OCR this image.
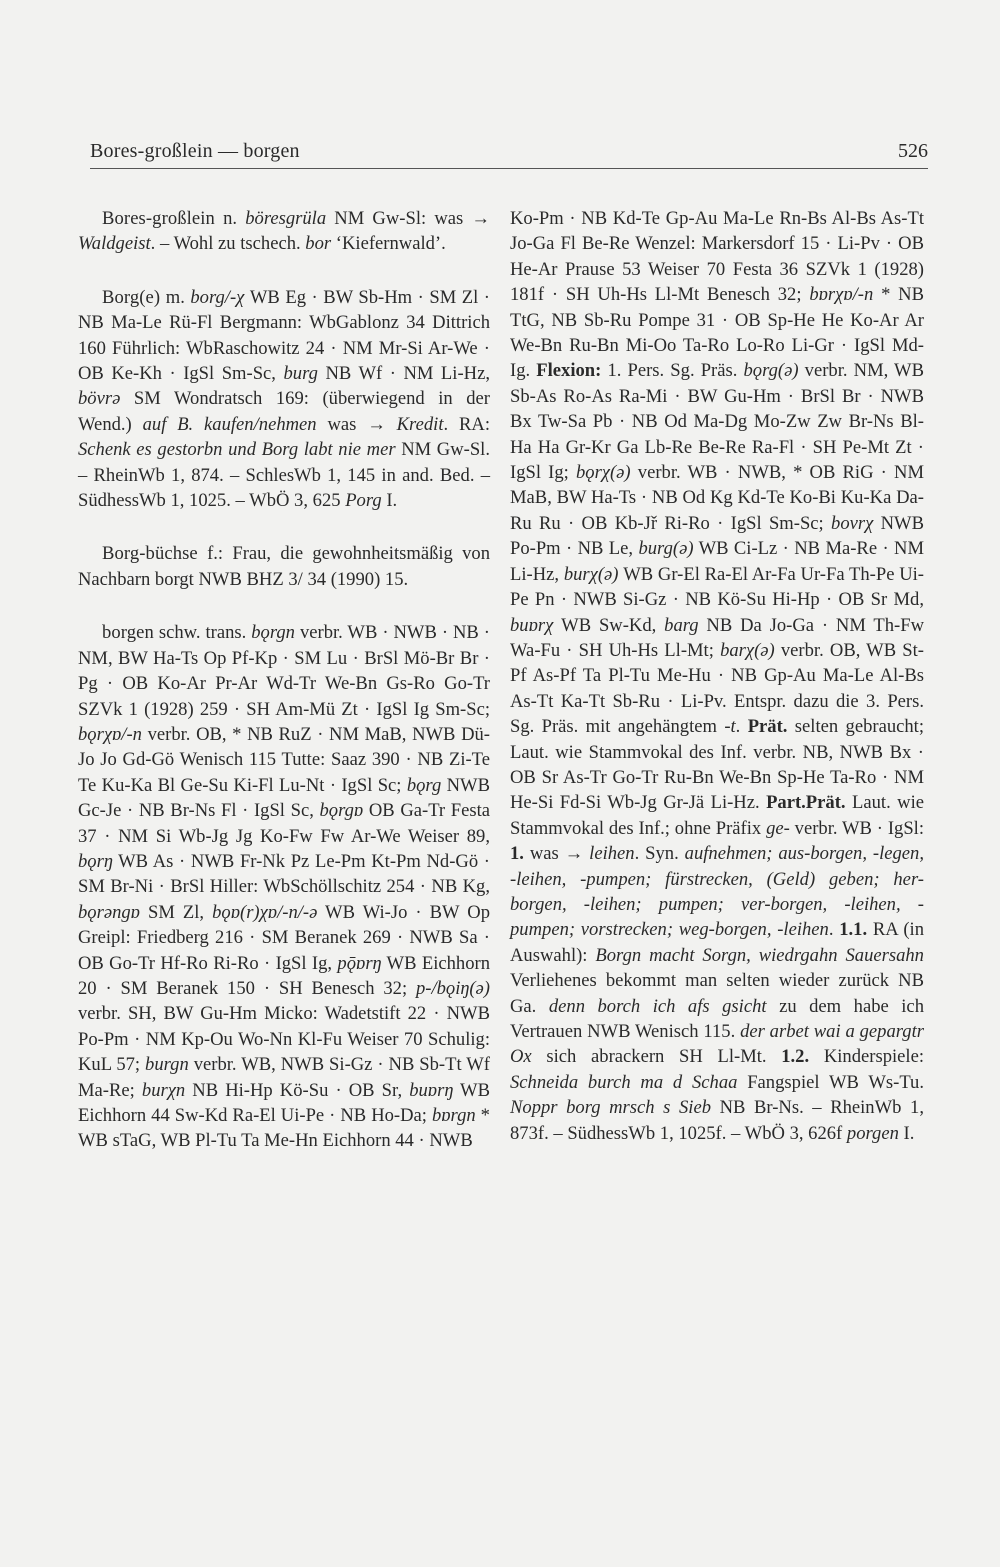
Bores-großlein — borgen	526

Bores-großlein n. böresgrüla NM Gw-Sl: was → Waldgeist. – Wohl zu tschech. bor ‘Kiefernwald’.

Borg(e) m. borg/-χ WB Eg · BW Sb-Hm · SM Zl · NB Ma-Le Rü-Fl Bergmann: WbGablonz 34 Dittrich 160 Führlich: WbRaschowitz 24 · NM Mr-Si Ar-We · OB Ke-Kh · IgSl Sm-Sc, burg NB Wf · NM Li-Hz, bövrə SM Wondratsch 169: (überwiegend in der Wend.) auf B. kaufen/nehmen was → Kredit. RA: Schenk es gestorbn und Borg labt nie mer NM Gw-Sl. – RheinWb 1, 874. – SchlesWb 1, 145 in and. Bed. – SüdhessWb 1, 1025. – WbÖ 3, 625 Porg I.

Borg-büchse f.: Frau, die gewohnheitsmäßig von Nachbarn borgt NWB BHZ 3/ 34 (1990) 15.

borgen schw. trans. bǫrgn verbr. WB · NWB · NB · NM, BW Ha-Ts Op Pf-Kp · SM Lu · BrSl Mö-Br Br · Pg · OB Ko-Ar Pr-Ar Wd-Tr We-Bn Gs-Ro Go-Tr SZVk 1 (1928) 259 · SH Am-Mü Zt · IgSl Ig Sm-Sc; bǫrχɒ/-n verbr. OB, * NB RuZ · NM MaB, NWB Dü-Jo Jo Gd-Gö Wenisch 115 Tutte: Saaz 390 · NB Zi-Te Te Ku-Ka Bl Ge-Su Ki-Fl Lu-Nt · IgSl Sc; bǫrg NWB Gc-Je · NB Br-Ns Fl · IgSl Sc, bǫrgɒ OB Ga-Tr Festa 37 · NM Si Wb-Jg Jg Ko-Fw Fw Ar-We Weiser 89, bǫrŋ WB As · NWB Fr-Nk Pz Le-Pm Kt-Pm Nd-Gö · SM Br-Ni · BrSl Hiller: WbSchöllschitz 254 · NB Kg, bǫrəngɒ SM Zl, bǫɒ(r)χɒ/-n/-ə WB Wi-Jo · BW Op Greipl: Friedberg 216 · SM Beranek 269 · NWB Sa · OB Go-Tr Hf-Ro Ri-Ro · IgSl Ig, pǭɒrŋ WB Eichhorn 20 · SM Beranek 150 · SH Benesch 32; p-/bǫiŋ(ə) verbr. SH, BW Gu-Hm Micko: Wadetstift 22 · NWB Po-Pm · NM Kp-Ou Wo-Nn Kl-Fu Weiser 70 Schulig: KuL 57; burgn verbr. WB, NWB Si-Gz · NB Sb-Tt Wf Ma-Re; burχn NB Hi-Hp Kö-Su · OB Sr, buɒrŋ WB Eichhorn 44 Sw-Kd Ra-El Ui-Pe · NB Ho-Da; bɒrgn * WB sTaG, WB Pl-Tu Ta Me-Hn Eichhorn 44 · NWB

Ko-Pm · NB Kd-Te Gp-Au Ma-Le Rn-Bs Al-Bs As-Tt Jo-Ga Fl Be-Re Wenzel: Markersdorf 15 · Li-Pv · OB He-Ar Prause 53 Weiser 70 Festa 36 SZVk 1 (1928) 181f · SH Uh-Hs Ll-Mt Benesch 32; bɒrχɒ/-n * NB TtG, NB Sb-Ru Pompe 31 · OB Sp-He He Ko-Ar Ar We-Bn Ru-Bn Mi-Oo Ta-Ro Lo-Ro Li-Gr · IgSl Md-Ig. Flexion: 1. Pers. Sg. Präs. bǫrg(ə) verbr. NM, WB Sb-As Ro-As Ra-Mi · BW Gu-Hm · BrSl Br · NWB Bx Tw-Sa Pb · NB Od Ma-Dg Mo-Zw Zw Br-Ns Bl-Ha Ha Gr-Kr Ga Lb-Re Be-Re Ra-Fl · SH Pe-Mt Zt · IgSl Ig; bǫrχ(ə) verbr. WB · NWB, * OB RiG · NM MaB, BW Ha-Ts · NB Od Kg Kd-Te Ko-Bi Ku-Ka Da-Ru Ru · OB Kb-Jř Ri-Ro · IgSl Sm-Sc; bovrχ NWB Po-Pm · NB Le, burg(ə) WB Ci-Lz · NB Ma-Re · NM Li-Hz, burχ(ə) WB Gr-El Ra-El Ar-Fa Ur-Fa Th-Pe Ui-Pe Pn · NWB Si-Gz · NB Kö-Su Hi-Hp · OB Sr Md, buɒrχ WB Sw-Kd, barg NB Da Jo-Ga · NM Th-Fw Wa-Fu · SH Uh-Hs Ll-Mt; barχ(ə) verbr. OB, WB St-Pf As-Pf Ta Pl-Tu Me-Hu · NB Gp-Au Ma-Le Al-Bs As-Tt Ka-Tt Sb-Ru · Li-Pv. Entspr. dazu die 3. Pers. Sg. Präs. mit angehängtem -t. Prät. selten gebraucht; Laut. wie Stammvokal des Inf. verbr. NB, NWB Bx · OB Sr As-Tr Go-Tr Ru-Bn We-Bn Sp-He Ta-Ro · NM He-Si Fd-Si Wb-Jg Gr-Jä Li-Hz. Part.Prät. Laut. wie Stammvokal des Inf.; ohne Präfix ge- verbr. WB · IgSl: 1. was → leihen. Syn. aufnehmen; aus-borgen, -legen, -leihen, -pumpen; fürstrecken, (Geld) geben; her-borgen, -leihen; pumpen; ver-borgen, -leihen, -pumpen; vorstrecken; weg-borgen, -leihen. 1.1. RA (in Auswahl): Borgn macht Sorgn, wiedrgahn Sauersahn Verliehenes bekommt man selten wieder zurück NB Ga. denn borch ich afs gsicht zu dem habe ich Vertrauen NWB Wenisch 115. der arbet wai a gepargtr Ox sich abrackern SH Ll-Mt. 1.2. Kinderspiele: Schneida burch ma d Schaa Fangspiel WB Ws-Tu. Noppr borg mrsch s Sieb NB Br-Ns. – RheinWb 1, 873f. – SüdhessWb 1, 1025f. – WbÖ 3, 626f porgen I.
